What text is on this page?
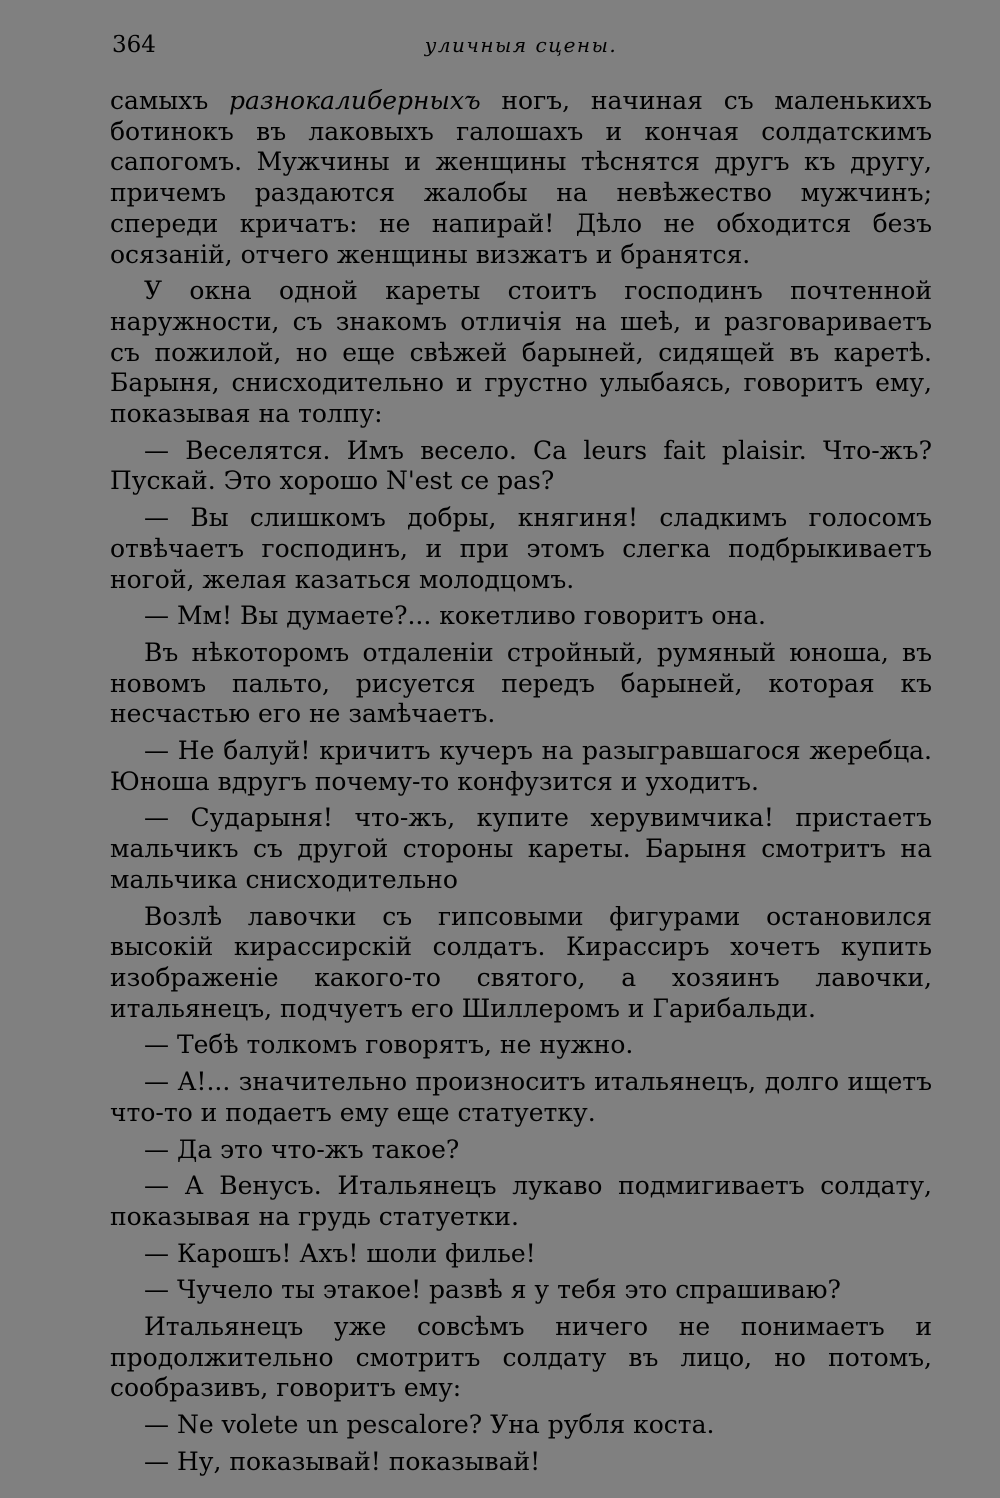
364	уличныя сцены.

самыхъ разнокалиберныхъ ногъ, начиная съ маленькихъ ботинокъ въ лаковыхъ галошахъ и кончая солдатскимъ сапогомъ. Мужчины и женщины тѣснятся другъ къ другу, причемъ раздаются жалобы на невѣжество мужчинъ; спереди кричатъ: не напирай! Дѣло не обходится безъ осязанiй, отчего женщины визжатъ и бранятся.

У окна одной кареты стоитъ господинъ почтенной наружности, съ знакомъ отличiя на шеѣ, и разговариваетъ съ пожилой, но еще свѣжей барыней, сидящей въ каретѣ. Барыня, снисходительно и грустно улыбаясь, говоритъ ему, показывая на толпу:

— Веселятся. Имъ весело. Ca leurs fait plaisir. Что-жъ? Пускай. Это хорошо N'est ce pas?

— Вы слишкомъ добры, княгиня! сладкимъ голосомъ отвѣчаетъ господинъ, и при этомъ слегка подбрыкиваетъ ногой, желая казаться молодцомъ.

— Мм! Вы думаете?... кокетливо говоритъ она.

Въ нѣкоторомъ отдаленiи стройный, румяный юноша, въ новомъ пальто, рисуется передъ барыней, которая къ несчастью его не замѣчаетъ.

— Не балуй! кричитъ кучеръ на разыгравшагося жеребца. Юноша вдругъ почему-то конфузится и уходитъ.

— Сударыня! что-жъ, купите херувимчика! пристаетъ мальчикъ съ другой стороны кареты. Барыня смотритъ на мальчика снисходительно

Возлѣ лавочки съ гипсовыми фигурами остановился высокiй кирассирскiй солдатъ. Кирассиръ хочетъ купить изображенiе какого-то святого, а хозяинъ лавочки, итальянецъ, подчуетъ его Шиллеромъ и Гарибальди.

— Тебѣ толкомъ говорятъ, не нужно.

— А!... значительно произноситъ итальянецъ, долго ищетъ что-то и подаетъ ему еще статуетку.

— Да это что-жъ такое?

— А Венусъ. Итальянецъ лукаво подмигиваетъ солдату, показывая на грудь статуетки.

— Карошъ! Ахъ! шоли филье!

— Чучело ты этакое! развѣ я у тебя это спрашиваю?

Итальянецъ уже совсѣмъ ничего не понимаетъ и продолжительно смотритъ солдату въ лицо, но потомъ, сообразивъ, говоритъ ему:

— Ne volete un pescalore? Уна рубля коста.

— Ну, показывай! показывай!
